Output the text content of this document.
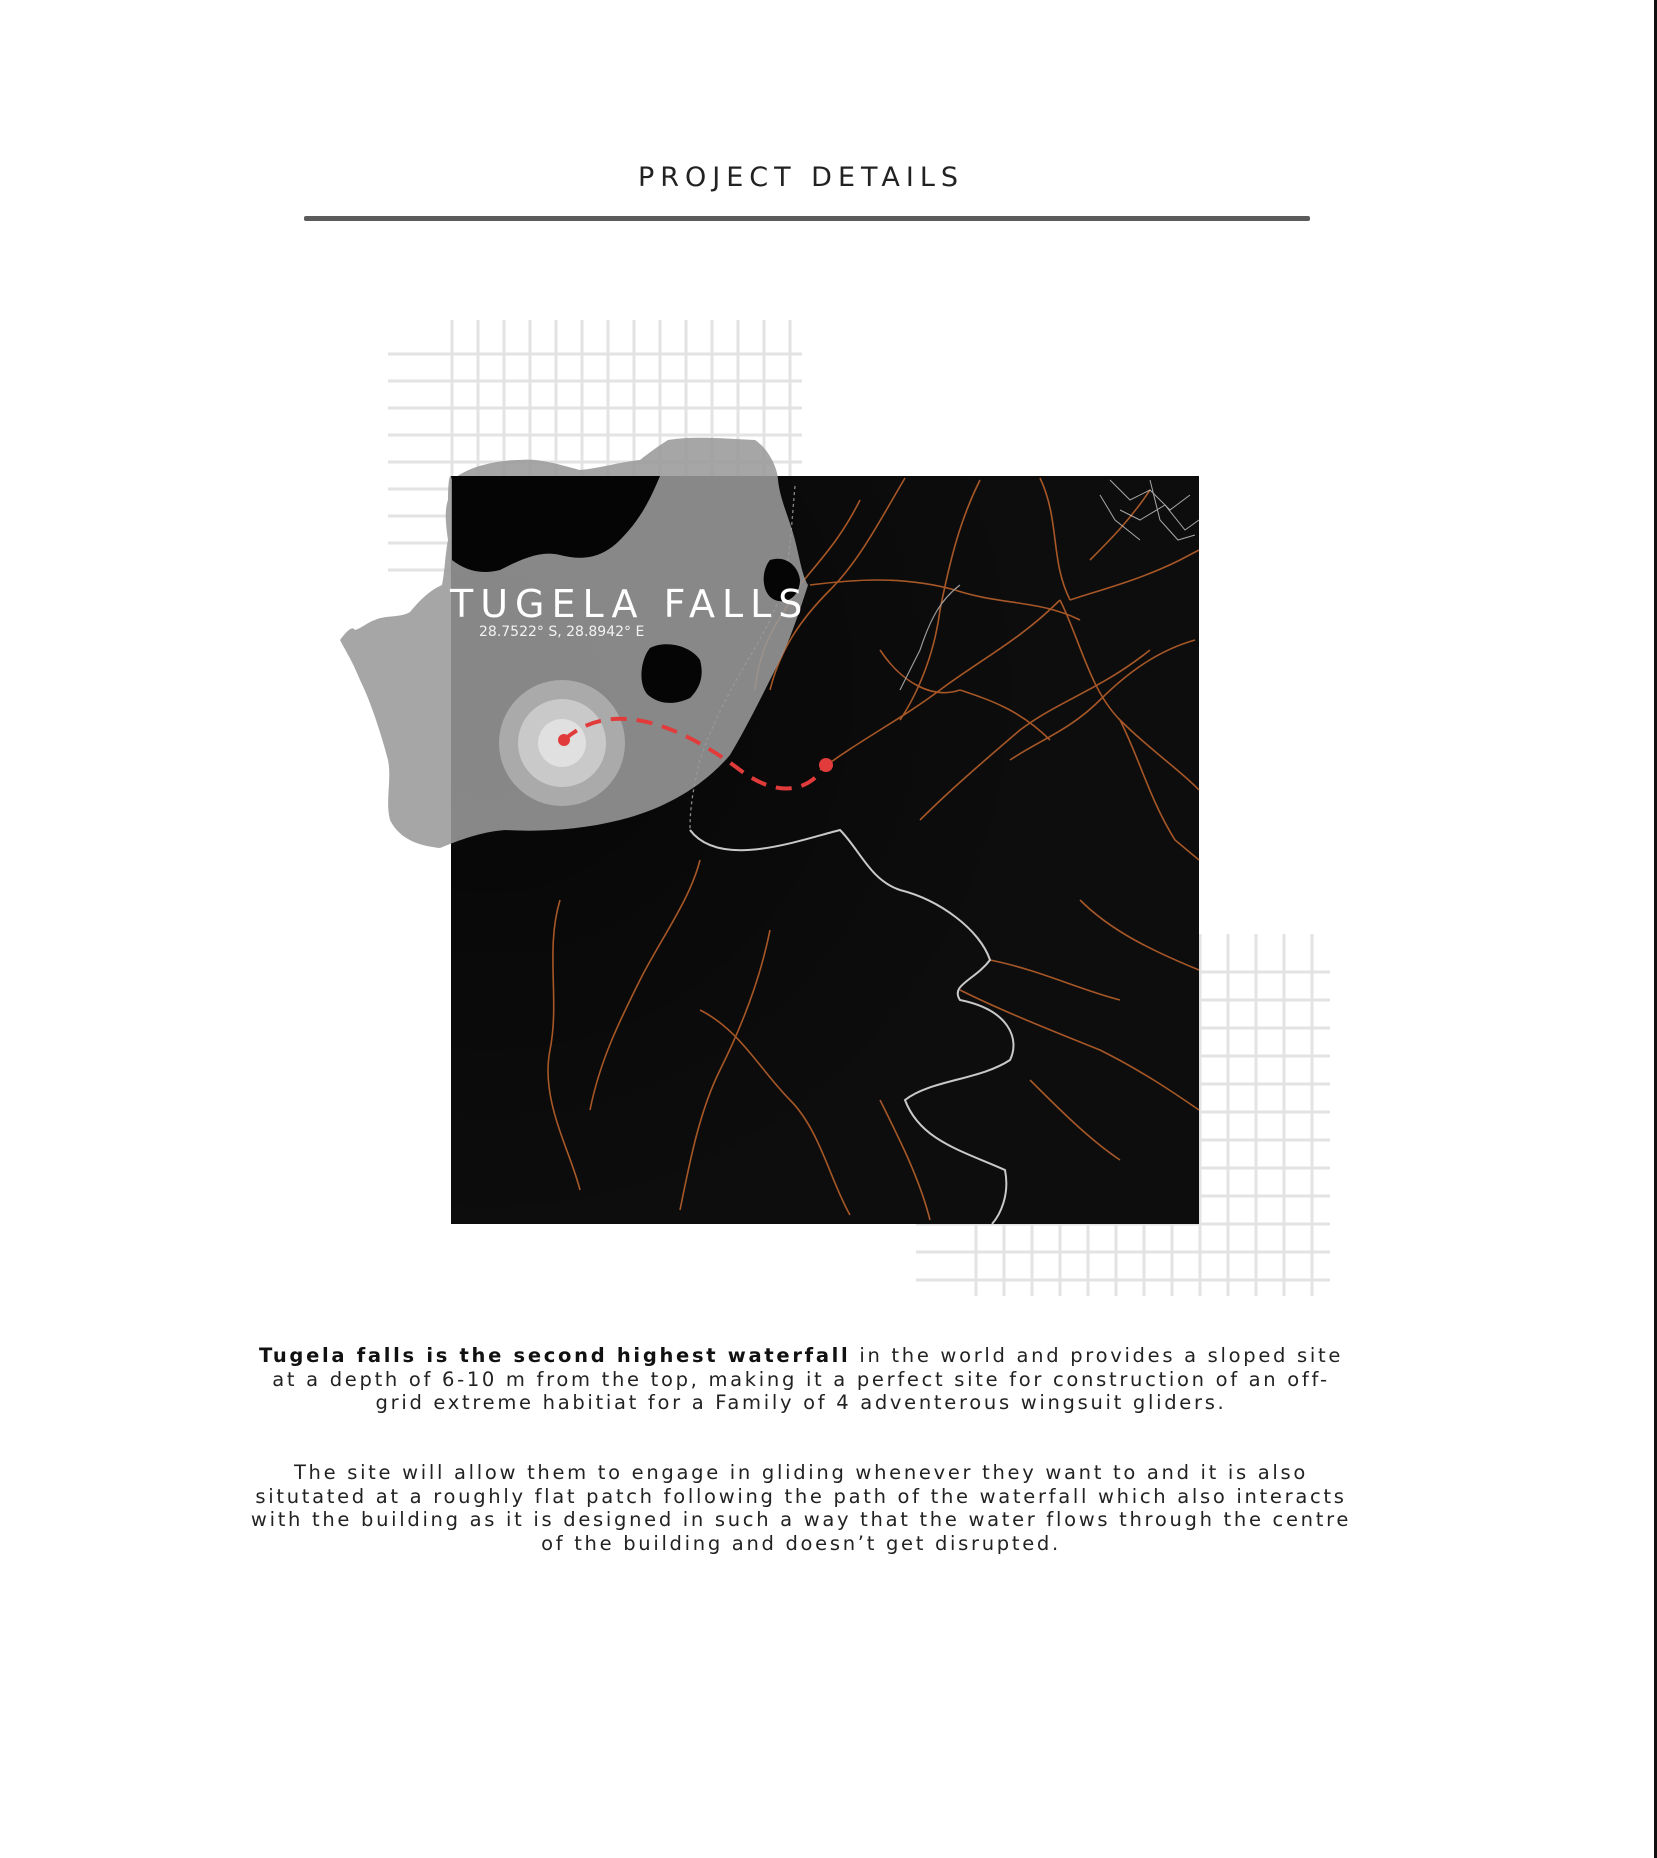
PROJECT DETAILS
TUGELA FALLS
28.7522° S, 28.8942° E

Tugela falls is the second highest waterfall in the world and provides a sloped site at a depth of 6-10 m from the top, making it a perfect site for construction of an off-grid extreme habitiat for a Family of 4 adventerous wingsuit gliders.

The site will allow them to engage in gliding whenever they want to and it is also situtated at a roughly flat patch following the path of the waterfall which also interacts with the building as it is designed in such a way that the water flows through the centre of the building and doesn’t get disrupted.
